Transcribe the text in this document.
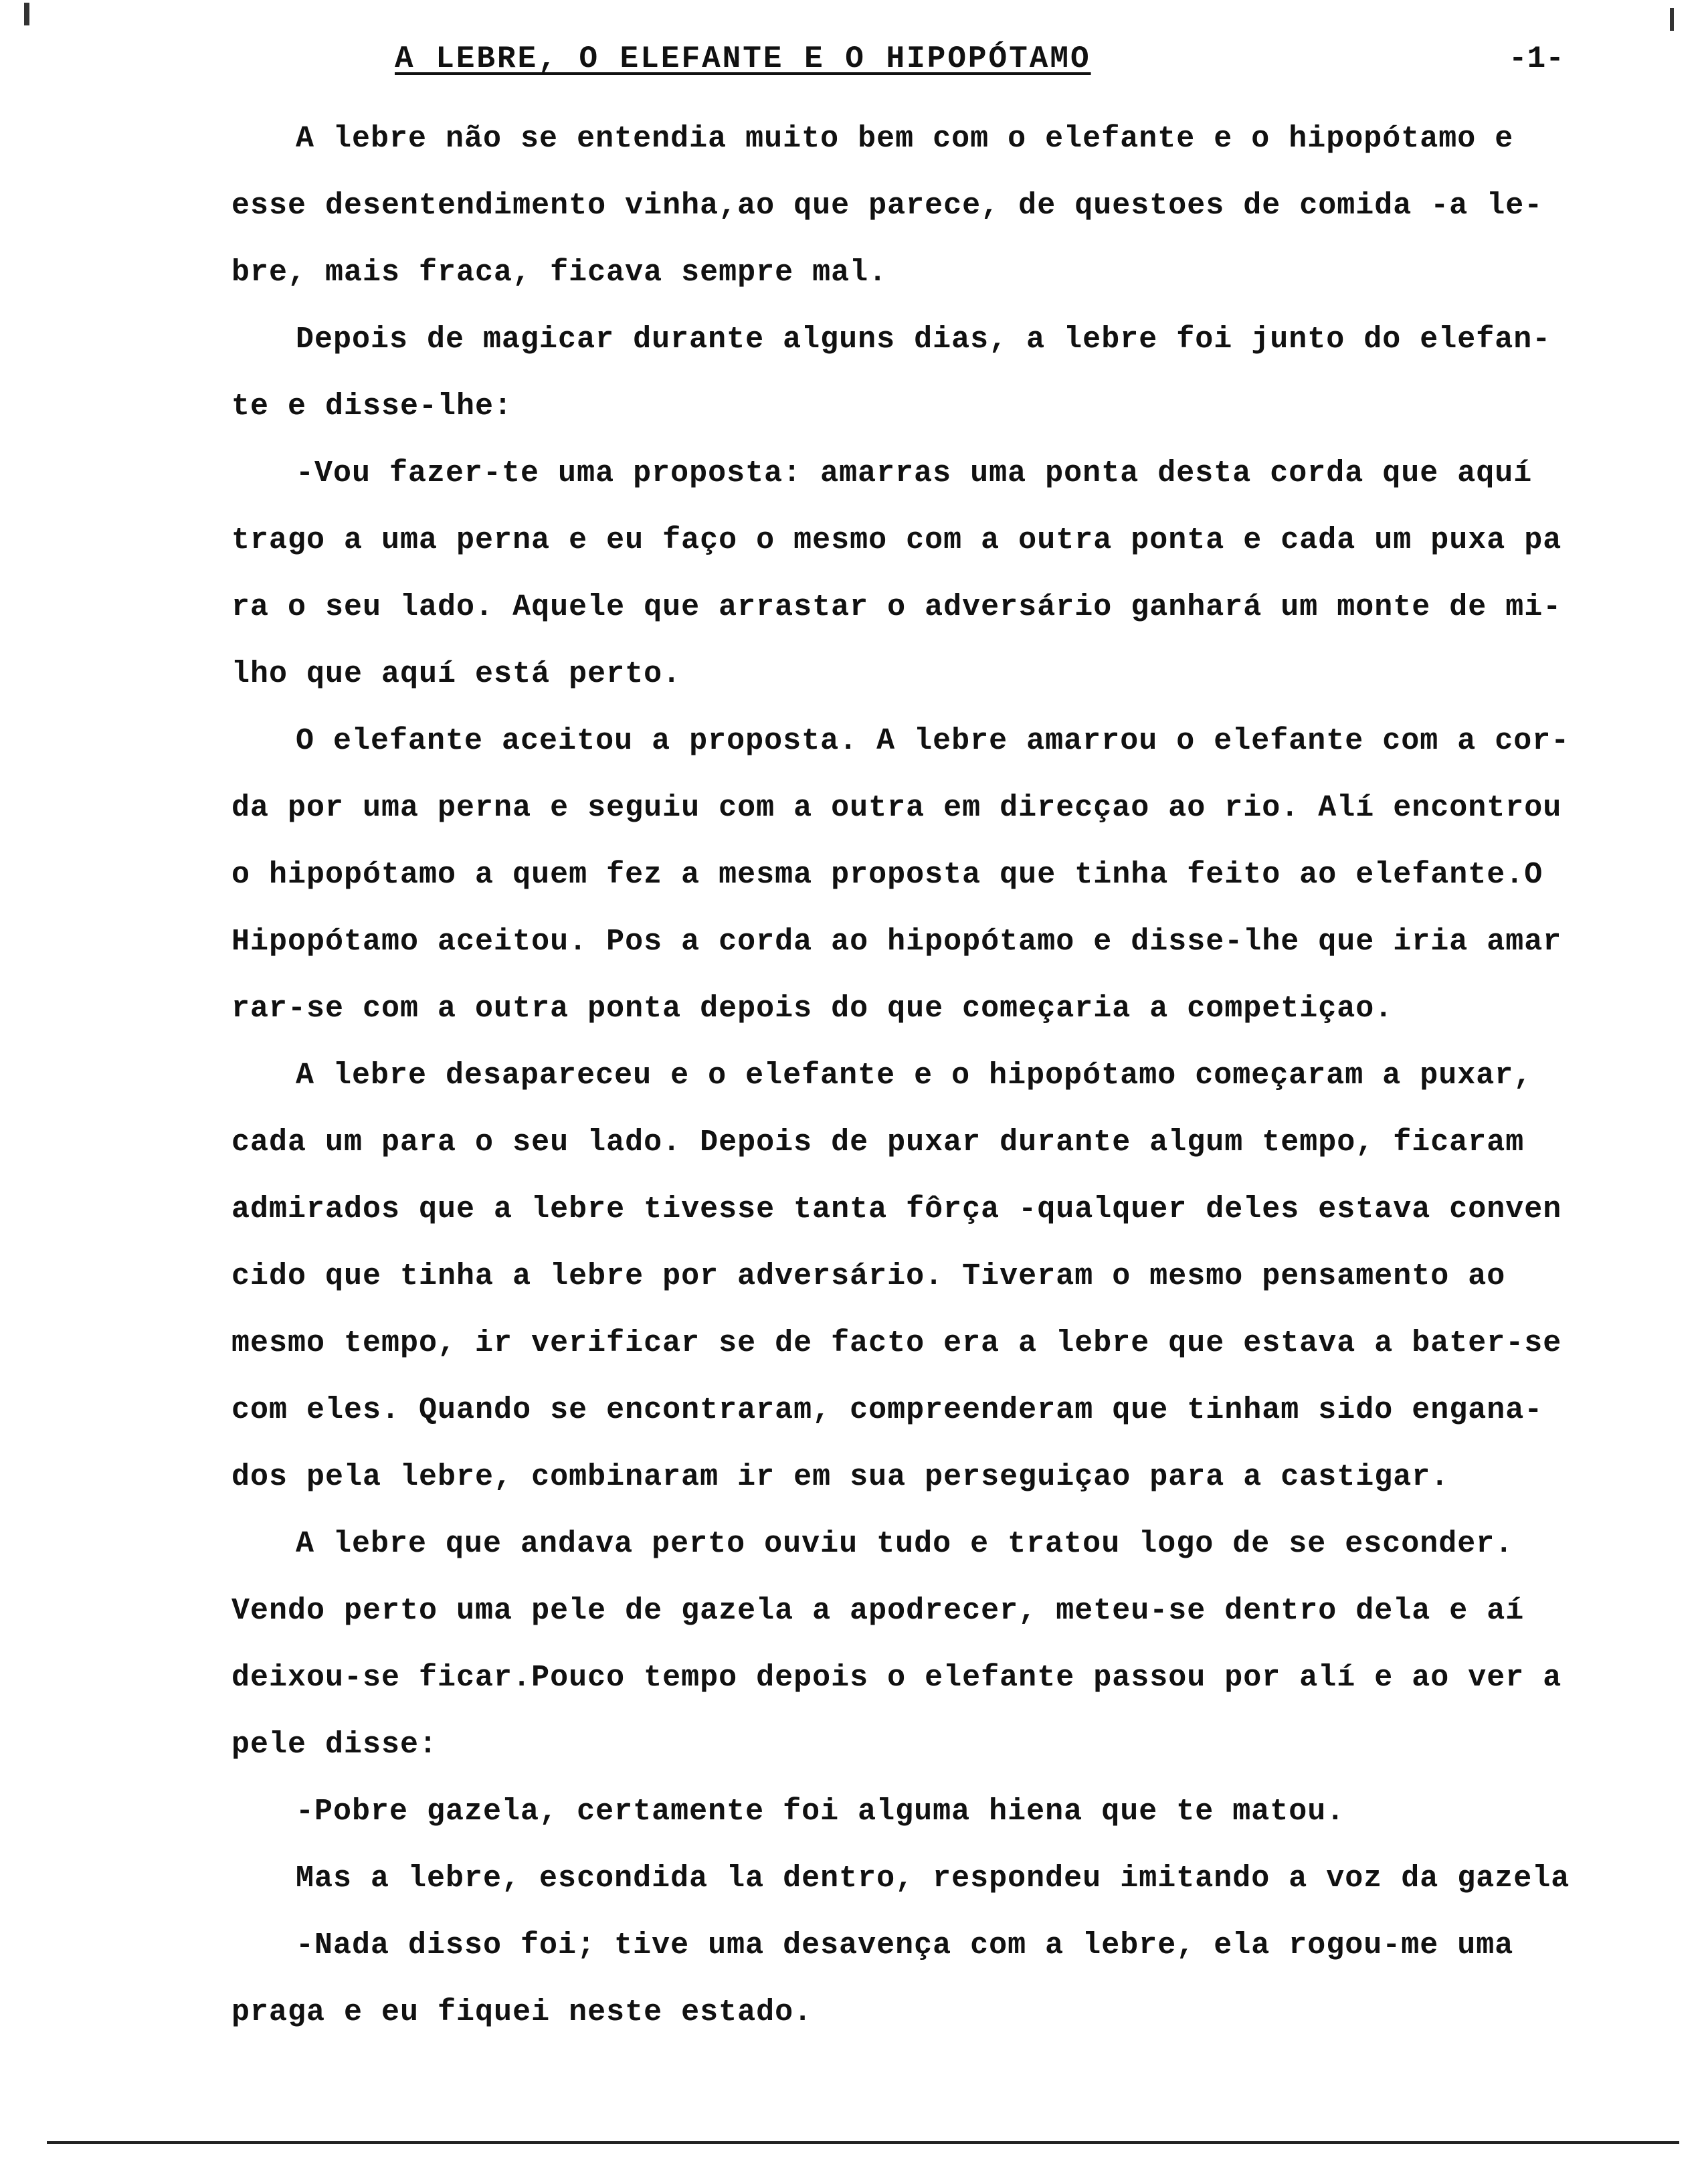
A LEBRE, O ELEFANTE E O HIPOPÓTAMO	-1-
A lebre não se entendia muito bem com o elefante e o hipopótamo e
esse desentendimento vinha,ao que parece, de questoes de comida -a le-
bre, mais fraca, ficava sempre mal.
Depois de magicar durante alguns dias, a lebre foi junto do elefan-
te e disse-lhe:
-Vou fazer-te uma proposta: amarras uma ponta desta corda que aquí
trago a uma perna e eu faço o mesmo com a outra ponta e cada um puxa pa
ra o seu lado. Aquele que arrastar o adversário ganhará um monte de mi-
lho que aquí está perto.
O elefante aceitou a proposta. A lebre amarrou o elefante com a cor-
da por uma perna e seguiu com a outra em direcçao ao rio. Alí encontrou
o hipopótamo a quem fez a mesma proposta que tinha feito ao elefante.O
Hipopótamo aceitou. Pos a corda ao hipopótamo e disse-lhe que iria amar
rar-se com a outra ponta depois do que começaria a competiçao.
A lebre desapareceu e o elefante e o hipopótamo começaram a puxar,
cada um para o seu lado. Depois de puxar durante algum tempo, ficaram
admirados que a lebre tivesse tanta fôrça -qualquer deles estava conven
cido que tinha a lebre por adversário. Tiveram o mesmo pensamento ao
mesmo tempo, ir verificar se de facto era a lebre que estava a bater-se
com eles. Quando se encontraram, compreenderam que tinham sido engana-
dos pela lebre, combinaram ir em sua perseguiçao para a castigar.
A lebre que andava perto ouviu tudo e tratou logo de se esconder.
Vendo perto uma pele de gazela a apodrecer, meteu-se dentro dela e aí
deixou-se ficar.Pouco tempo depois o elefante passou por alí e ao ver a
pele disse:
-Pobre gazela, certamente foi alguma hiena que te matou.
Mas a lebre, escondida la dentro, respondeu imitando a voz da gazela
-Nada disso foi; tive uma desavença com a lebre, ela rogou-me uma
praga e eu fiquei neste estado.
